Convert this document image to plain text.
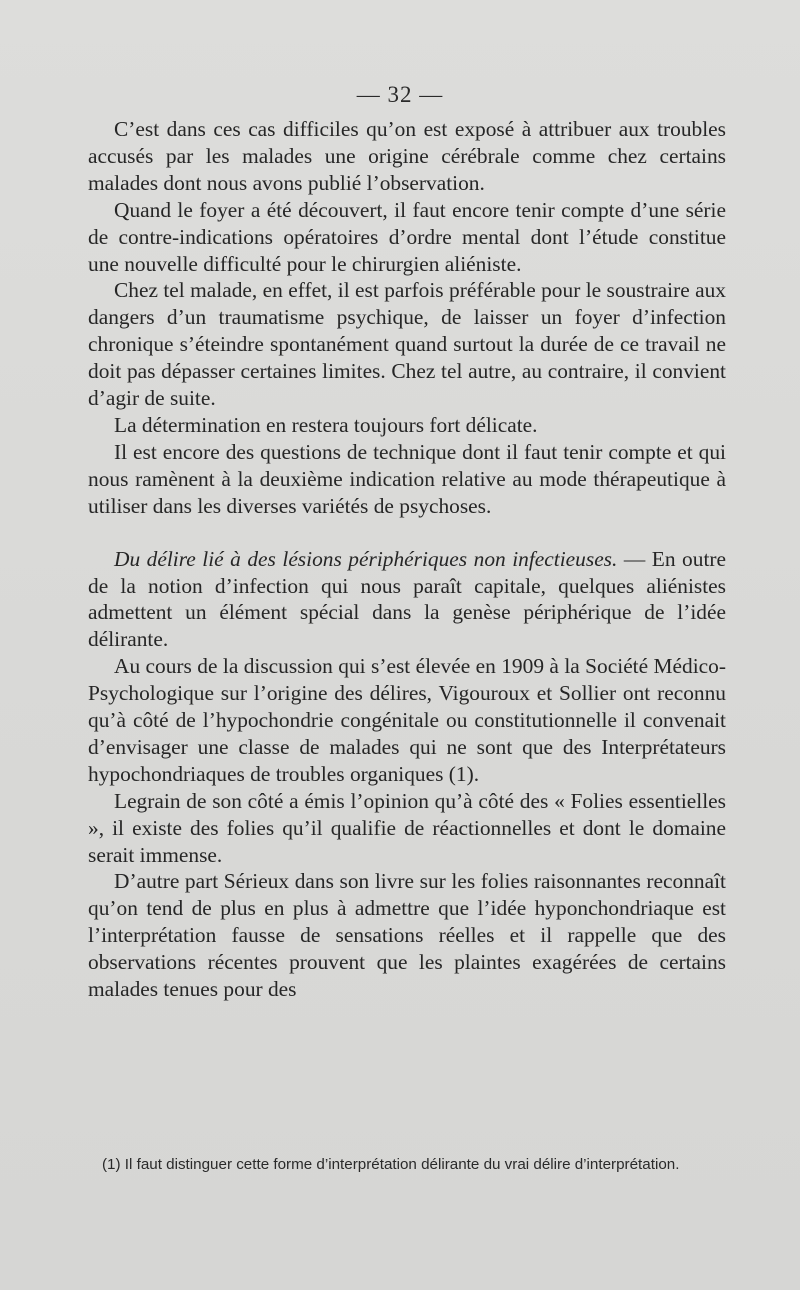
— 32 —

C’est dans ces cas difficiles qu’on est exposé à attribuer aux troubles accusés par les malades une origine cérébrale comme chez certains malades dont nous avons publié l’observation.

Quand le foyer a été découvert, il faut encore tenir compte d’une série de contre-indications opératoires d’ordre mental dont l’étude constitue une nouvelle difficulté pour le chirurgien aliéniste.

Chez tel malade, en effet, il est parfois préférable pour le soustraire aux dangers d’un traumatisme psychique, de laisser un foyer d’infection chronique s’éteindre spontanément quand surtout la durée de ce travail ne doit pas dépasser certaines limites. Chez tel autre, au contraire, il convient d’agir de suite.

La détermination en restera toujours fort délicate.

Il est encore des questions de technique dont il faut tenir compte et qui nous ramènent à la deuxième indication relative au mode thérapeutique à utiliser dans les diverses variétés de psychoses.

Du délire lié à des lésions périphériques non infectieuses. — En outre de la notion d’infection qui nous paraît capitale, quelques aliénistes admettent un élément spécial dans la genèse périphérique de l’idée délirante.

Au cours de la discussion qui s’est élevée en 1909 à la Société Médico-Psychologique sur l’origine des délires, Vigouroux et Sollier ont reconnu qu’à côté de l’hypochondrie congénitale ou constitutionnelle il convenait d’envisager une classe de malades qui ne sont que des Interprétateurs hypochondriaques de troubles organiques (1).

Legrain de son côté a émis l’opinion qu’à côté des « Folies essentielles », il existe des folies qu’il qualifie de réactionnelles et dont le domaine serait immense.

D’autre part Sérieux dans son livre sur les folies raisonnantes reconnaît qu’on tend de plus en plus à admettre que l’idée hyponchondriaque est l’interprétation fausse de sensations réelles et il rappelle que des observations récentes prouvent que les plaintes exagérées de certains malades tenues pour des

(1) Il faut distinguer cette forme d’interprétation délirante du vrai délire d’interprétation.
